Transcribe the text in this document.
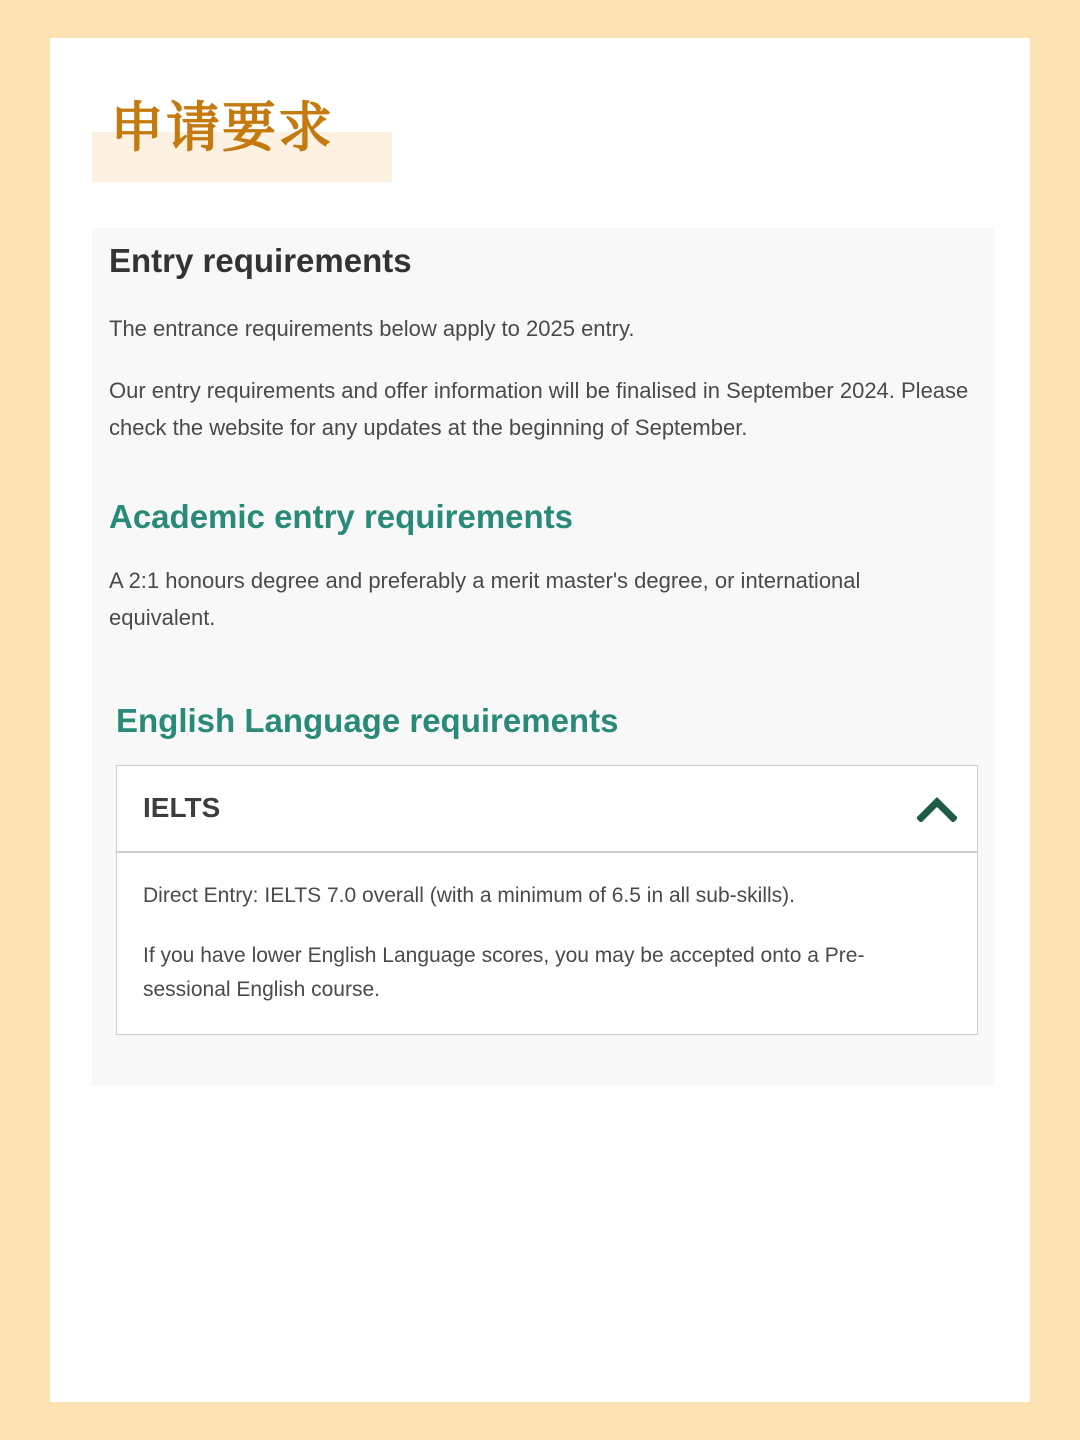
申请要求
Entry requirements

The entrance requirements below apply to 2025 entry.

Our entry requirements and offer information will be finalised in September 2024. Please check the website for any updates at the beginning of September.

Academic entry requirements

A 2:1 honours degree and preferably a merit master's degree, or international equivalent.

English Language requirements
IELTS

Direct Entry: IELTS 7.0 overall (with a minimum of 6.5 in all sub-skills).

If you have lower English Language scores, you may be accepted onto a Pre-sessional English course.
